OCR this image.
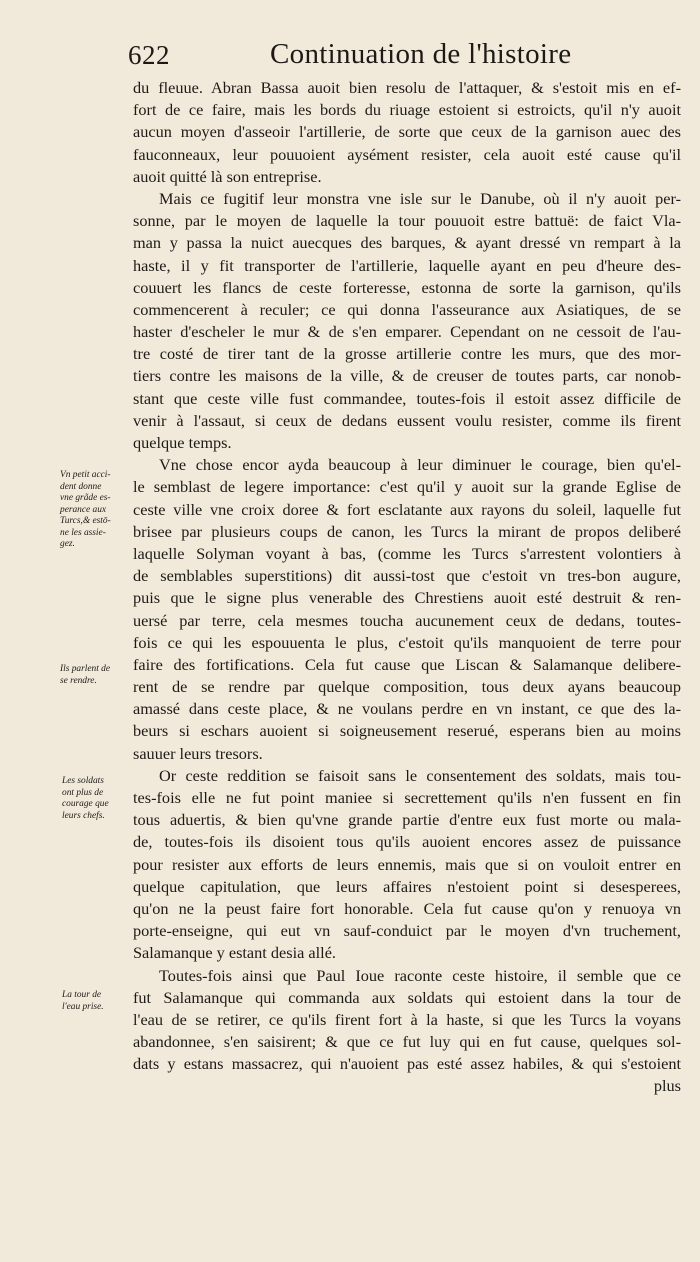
622	Continuation de l'histoire
du fleuue. Abran Bassa auoit bien resolu de l'attaquer, & s'estoit mis en ef-
fort de ce faire, mais les bords du riuage estoient si estroicts, qu'il n'y auoit
aucun moyen d'asseoir l'artillerie, de sorte que ceux de la garnison auec des
fauconneaux, leur pouuoient aysément resister, cela auoit esté cause qu'il
auoit quitté là son entreprise.
Mais ce fugitif leur monstra vne isle sur le Danube, où il n'y auoit per-
sonne, par le moyen de laquelle la tour pouuoit estre battuë: de faict Vla-
man y passa la nuict auecques des barques, & ayant dressé vn rempart à la
haste, il y fit transporter de l'artillerie, laquelle ayant en peu d'heure des-
couuert les flancs de ceste forteresse, estonna de sorte la garnison, qu'ils
commencerent à reculer; ce qui donna l'asseurance aux Asiatiques, de se
haster d'escheler le mur & de s'en emparer. Cependant on ne cessoit de l'au-
tre costé de tirer tant de la grosse artillerie contre les murs, que des mor-
tiers contre les maisons de la ville, & de creuser de toutes parts, car nonob-
stant que ceste ville fust commandee, toutes-fois il estoit assez difficile de
venir à l'assaut, si ceux de dedans eussent voulu resister, comme ils firent
quelque temps.
Vne chose encor ayda beaucoup à leur diminuer le courage, bien qu'el-
le semblast de legere importance: c'est qu'il y auoit sur la grande Eglise de
ceste ville vne croix doree & fort esclatante aux rayons du soleil, laquelle fut
brisee par plusieurs coups de canon, les Turcs la mirant de propos deliberé
laquelle Solyman voyant à bas, (comme les Turcs s'arrestent volontiers à
de semblables superstitions) dit aussi-tost que c'estoit vn tres-bon augure,
puis que le signe plus venerable des Chrestiens auoit esté destruit & ren-
uersé par terre, cela mesmes toucha aucunement ceux de dedans, toutes-
fois ce qui les espouuenta le plus, c'estoit qu'ils manquoient de terre pour
faire des fortifications. Cela fut cause que Liscan & Salamanque delibere-
rent de se rendre par quelque composition, tous deux ayans beaucoup
amassé dans ceste place, & ne voulans perdre en vn instant, ce que des la-
beurs si eschars auoient si soigneusement reserué, esperans bien au moins
sauuer leurs tresors.
Or ceste reddition se faisoit sans le consentement des soldats, mais tou-
tes-fois elle ne fut point maniee si secrettement qu'ils n'en fussent en fin
tous aduertis, & bien qu'vne grande partie d'entre eux fust morte ou mala-
de, toutes-fois ils disoient tous qu'ils auoient encores assez de puissance
pour resister aux efforts de leurs ennemis, mais que si on vouloit entrer en
quelque capitulation, que leurs affaires n'estoient point si desesperees,
qu'on ne la peust faire fort honorable. Cela fut cause qu'on y renuoya vn
porte-enseigne, qui eut vn sauf-conduict par le moyen d'vn truchement,
Salamanque y estant desia allé.
Toutes-fois ainsi que Paul Ioue raconte ceste histoire, il semble que ce
fut Salamanque qui commanda aux soldats qui estoient dans la tour de
l'eau de se retirer, ce qu'ils firent fort à la haste, si que les Turcs la voyans
abandonnee, s'en saisirent; & que ce fut luy qui en fut cause, quelques sol-
dats y estans massacrez, qui n'auoient pas esté assez habiles, & qui s'estoient
plus
Vn petit acci-
dent donne
vne grãde es-
perance aux
Turcs,& estō-
ne les assie-
gez.
Ils parlent de
se rendre.
Les soldats
ont plus de
courage que
leurs chefs.
La tour de
l'eau prise.
